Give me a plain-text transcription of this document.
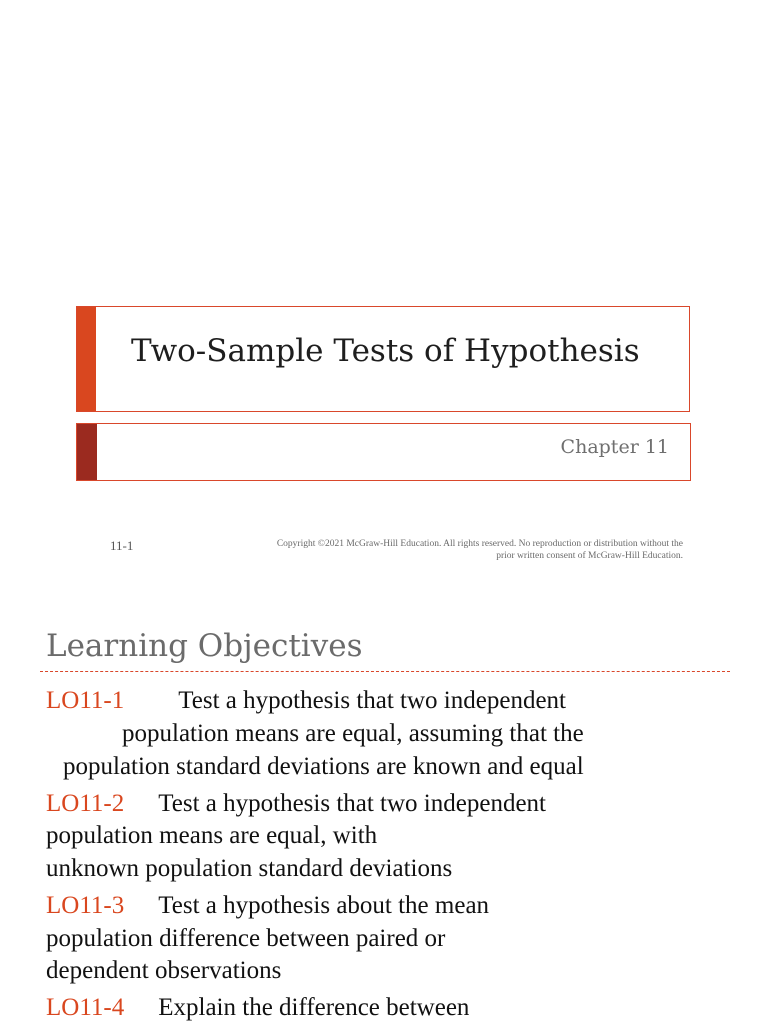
Two-Sample Tests of Hypothesis
Chapter 11
11-1	Copyright ©2021 McGraw-Hill Education. All rights reserved. No reproduction or distribution without the
prior written consent of McGraw-Hill Education.
Learning Objectives
LO11-1 Test a hypothesis that two independent
population means are equal, assuming that the
population standard deviations are known and equal
LO11-2 Test a hypothesis that two independent
population means are equal, with
unknown population standard deviations
LO11-3 Test a hypothesis about the mean
population difference between paired or
dependent observations
LO11-4 Explain the difference between
